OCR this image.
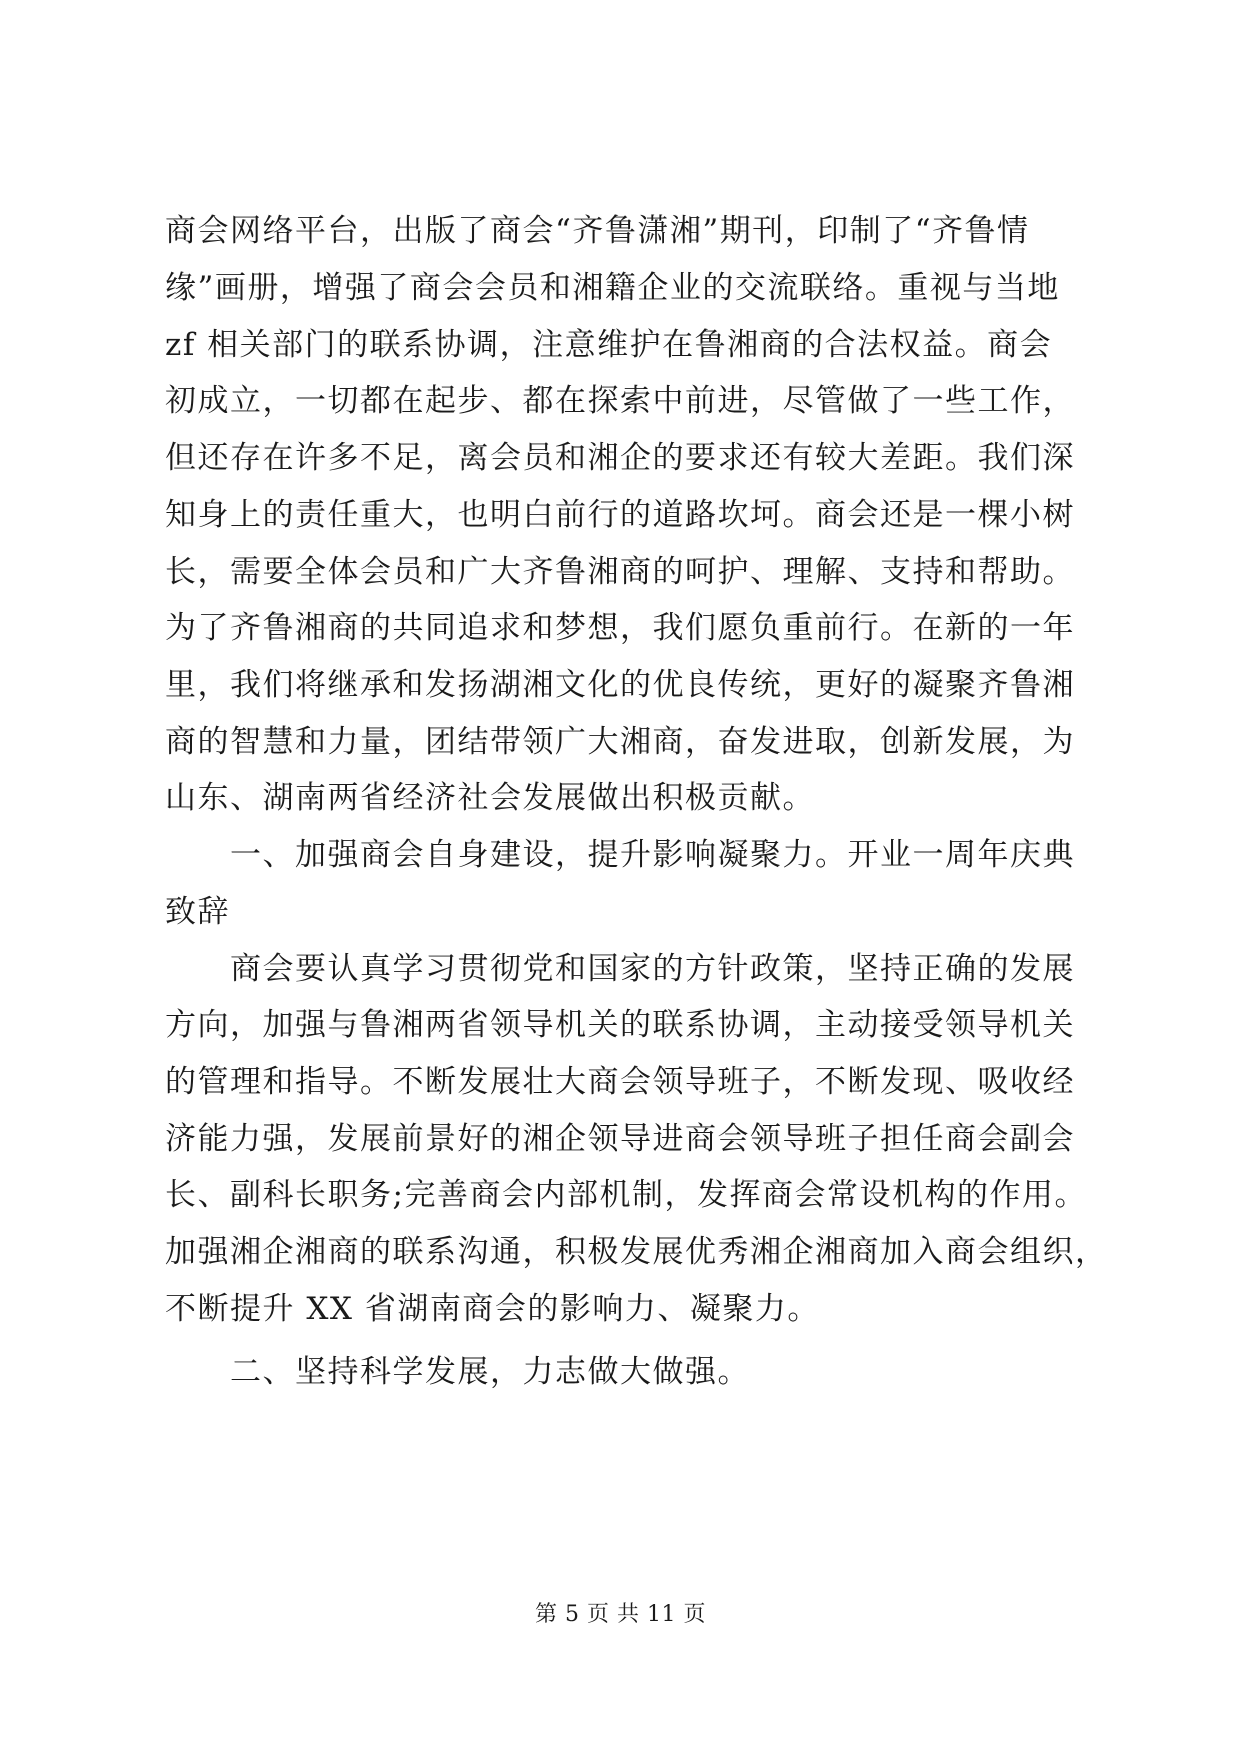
商会网络平台，出版了商会“齐鲁潇湘”期刊，印制了“齐鲁情
缘”画册，增强了商会会员和湘籍企业的交流联络。重视与当地
zf 相关部门的联系协调，注意维护在鲁湘商的合法权益。商会
初成立，一切都在起步、都在探索中前进，尽管做了一些工作，
但还存在许多不足，离会员和湘企的要求还有较大差距。我们深
知身上的责任重大，也明白前行的道路坎坷。商会还是一棵小树
长，需要全体会员和广大齐鲁湘商的呵护、理解、支持和帮助。
为了齐鲁湘商的共同追求和梦想，我们愿负重前行。在新的一年
里，我们将继承和发扬湖湘文化的优良传统，更好的凝聚齐鲁湘
商的智慧和力量，团结带领广大湘商，奋发进取，创新发展，为
山东、湖南两省经济社会发展做出积极贡献。
　　一、加强商会自身建设，提升影响凝聚力。开业一周年庆典
致辞
　　商会要认真学习贯彻党和国家的方针政策，坚持正确的发展
方向，加强与鲁湘两省领导机关的联系协调，主动接受领导机关
的管理和指导。不断发展壮大商会领导班子，不断发现、吸收经
济能力强，发展前景好的湘企领导进商会领导班子担任商会副会
长、副科长职务;完善商会内部机制，发挥商会常设机构的作用。
加强湘企湘商的联系沟通，积极发展优秀湘企湘商加入商会组织，
不断提升 XX 省湖南商会的影响力、凝聚力。
　　二、坚持科学发展，力志做大做强。
第 5 页 共 11 页
